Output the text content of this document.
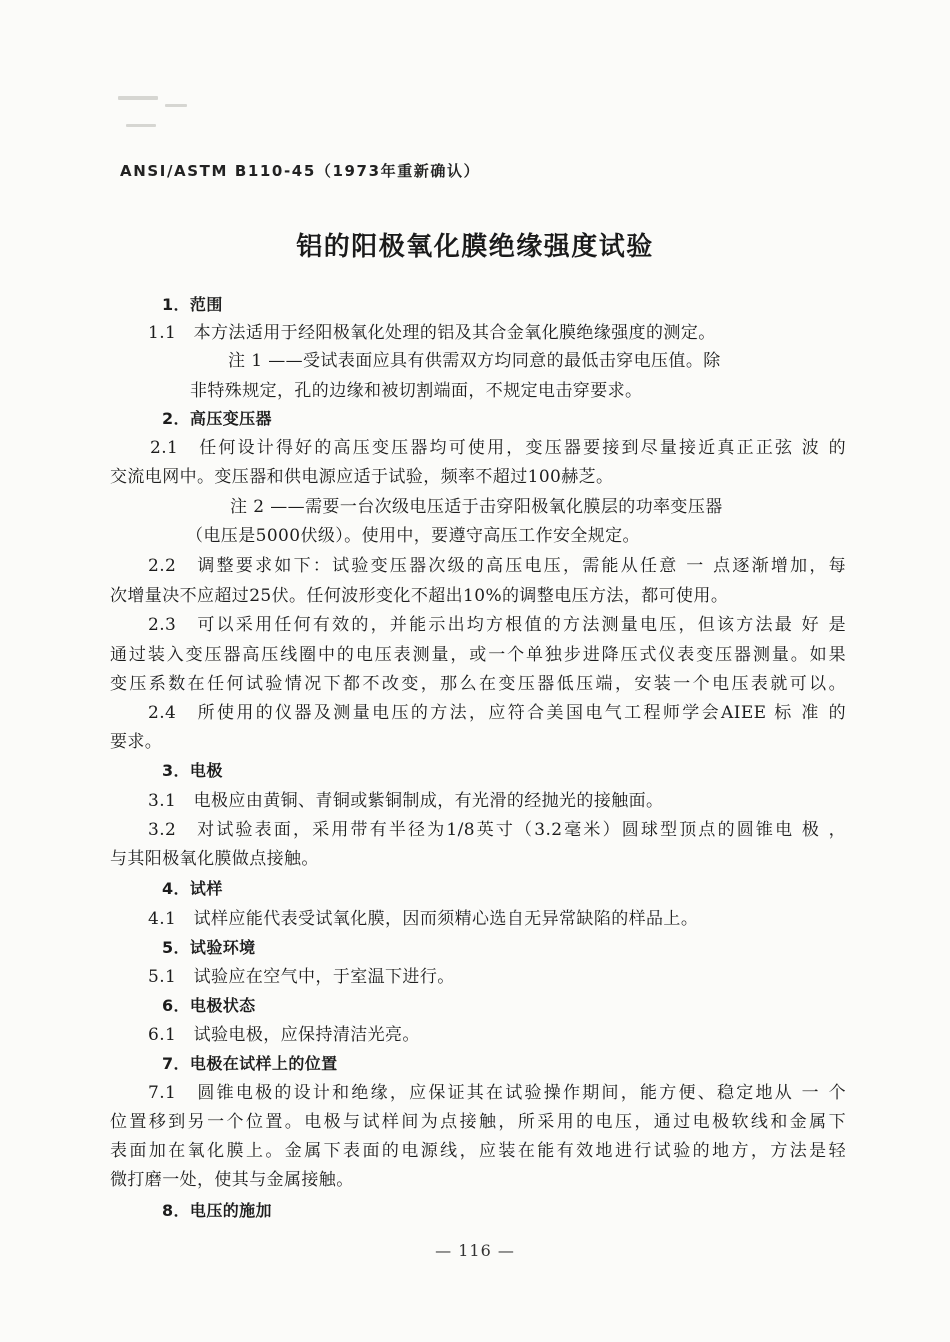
ANSI/ASTM B110-45（1973年重新确认）

铝的阳极氧化膜绝缘强度试验

1．范围

1.1　本方法适用于经阳极氧化处理的铝及其合金氧化膜绝缘强度的测定。

注 1 ——受试表面应具有供需双方均同意的最低击穿电压值。除

非特殊规定，孔的边缘和被切割端面，不规定电击穿要求。

2．高压变压器

2.1　任何设计得好的高压变压器均可使用，变压器要接到尽量接近真正正弦 波 的

交流电网中。变压器和供电源应适于试验，频率不超过100赫芝。

注 2 ——需要一台次级电压适于击穿阳极氧化膜层的功率变压器

（电压是5000伏级）。使用中，要遵守高压工作安全规定。

2.2　调整要求如下：试验变压器次级的高压电压，需能从任意 一 点逐渐增加，每

次增量决不应超过25伏。任何波形变化不超出10%的调整电压方法，都可使用。

2.3　可以采用任何有效的，并能示出均方根值的方法测量电压，但该方法最 好 是

通过装入变压器高压线圈中的电压表测量，或一个单独步进降压式仪表变压器测量。如果

变压系数在任何试验情况下都不改变，那么在变压器低压端，安装一个电压表就可以。

2.4　所使用的仪器及测量电压的方法，应符合美国电气工程师学会AIEE 标 准 的

要求。

3．电极

3.1　电极应由黄铜、青铜或紫铜制成，有光滑的经抛光的接触面。

3.2　对试验表面，采用带有半径为1/8英寸（3.2毫米）圆球型顶点的圆锥电 极 ，

与其阳极氧化膜做点接触。

4．试样

4.1　试样应能代表受试氧化膜，因而须精心选自无异常缺陷的样品上。

5．试验环境

5.1　试验应在空气中，于室温下进行。

6．电极状态

6.1　试验电极，应保持清洁光亮。

7．电极在试样上的位置

7.1　圆锥电极的设计和绝缘，应保证其在试验操作期间，能方便、稳定地从 一 个

位置移到另一个位置。电极与试样间为点接触，所采用的电压，通过电极软线和金属下

表面加在氧化膜上。金属下表面的电源线，应装在能有效地进行试验的地方，方法是轻

微打磨一处，使其与金属接触。

8．电压的施加

— 116 —
